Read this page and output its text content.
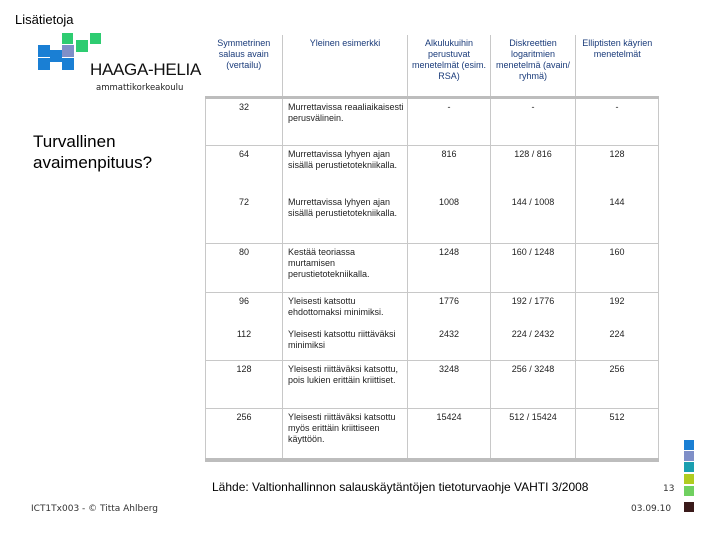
Lisätietoja
HAAGA-HELIA
ammattikorkeakoulu
Turvallinen
avaimenpituus?
Symmetrinen salaus avain (vertailu)	Yleinen esimerkki	Alkulukuihin perustuvat menetelmät (esim. RSA)	Diskreettien logaritmien menetelmä (avain/ ryhmä)	Elliptisten käyrien menetelmät
32	Murrettavissa reaaliaikaisesti perusvälinein.	-	-	-
64	Murrettavissa lyhyen ajan sisällä perustietotekniikalla.	816	128 / 816	128
72	Murrettavissa lyhyen ajan sisällä perustietotekniikalla.	1008	144 / 1008	144
80	Kestää teoriassa murtamisen perustietotekniikalla.	1248	160 / 1248	160
96	Yleisesti katsottu ehdottomaksi minimiksi.	1776	192 / 1776	192
112	Yleisesti katsottu riittäväksi minimiksi	2432	224 / 2432	224
128	Yleisesti riittäväksi katsottu, pois lukien erittäin kriittiset.	3248	256 / 3248	256
256	Yleisesti riittäväksi katsottu myös erittäin kriittiseen käyttöön.	15424	512 / 15424	512
Lähde: Valtionhallinnon salauskäytäntöjen tietoturvaohje VAHTI 3/2008	13
ICT1Tx003 - © Titta Ahlberg	03.09.10
